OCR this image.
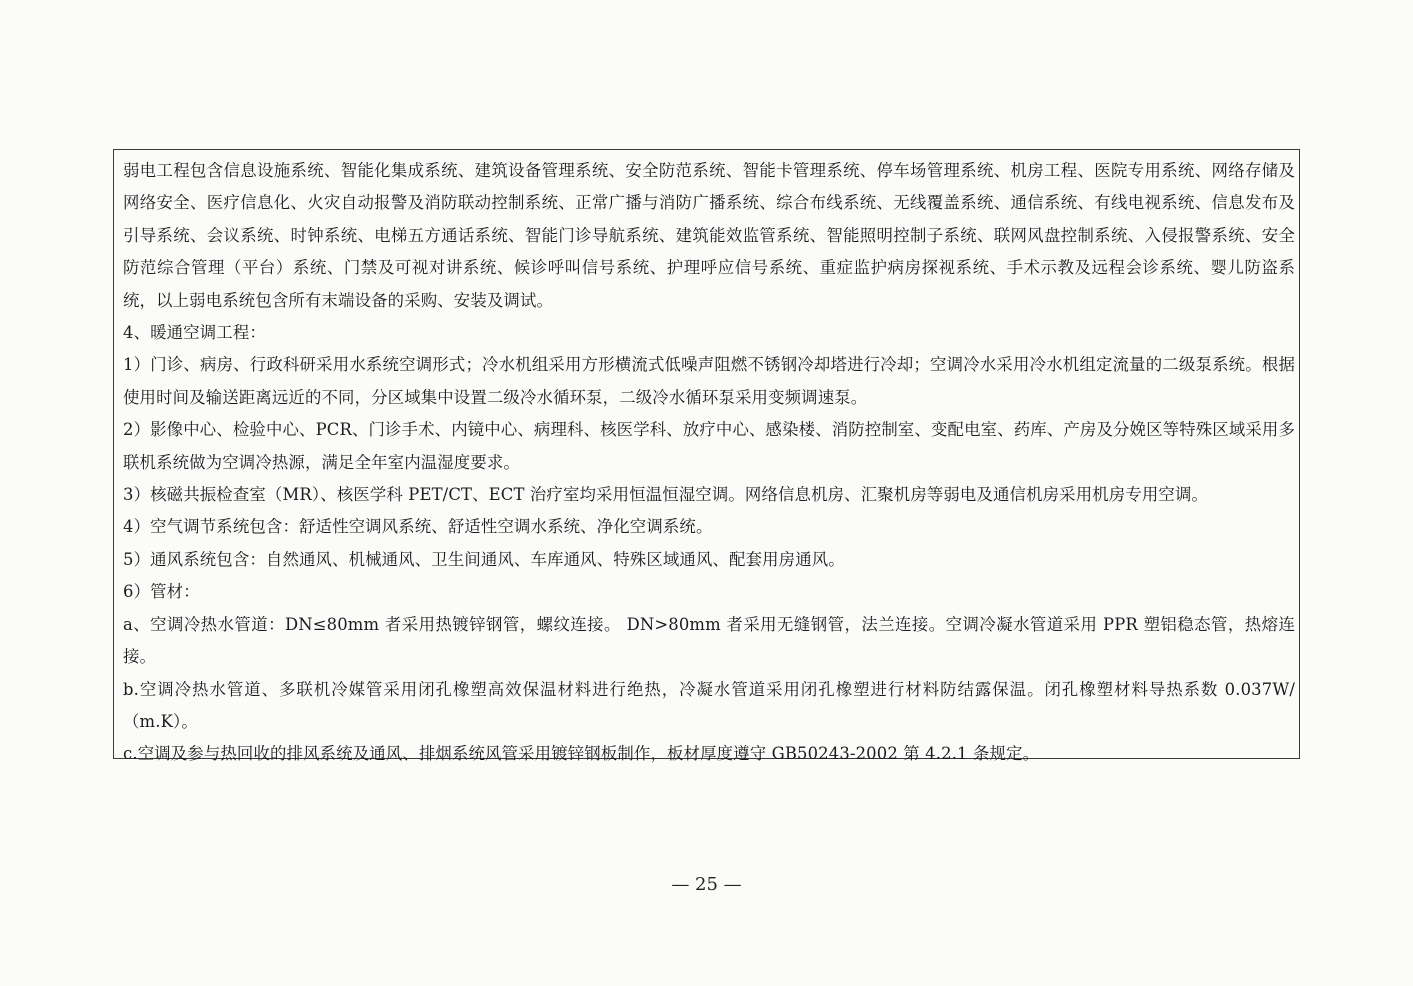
弱电工程包含信息设施系统、智能化集成系统、建筑设备管理系统、安全防范系统、智能卡管理系统、停车场管理系统、机房工程、医院专用系统、网络存储及网络安全、医疗信息化、火灾自动报警及消防联动控制系统、正常广播与消防广播系统、综合布线系统、无线覆盖系统、通信系统、有线电视系统、信息发布及引导系统、会议系统、时钟系统、电梯五方通话系统、智能门诊导航系统、建筑能效监管系统、智能照明控制子系统、联网风盘控制系统、入侵报警系统、安全防范综合管理（平台）系统、门禁及可视对讲系统、候诊呼叫信号系统、护理呼应信号系统、重症监护病房探视系统、手术示教及远程会诊系统、婴儿防盗系统，以上弱电系统包含所有末端设备的采购、安装及调试。

4、暖通空调工程：

1）门诊、病房、行政科研采用水系统空调形式；冷水机组采用方形横流式低噪声阻燃不锈钢冷却塔进行冷却；空调冷水采用冷水机组定流量的二级泵系统。根据使用时间及输送距离远近的不同，分区域集中设置二级冷水循环泵，二级冷水循环泵采用变频调速泵。

2）影像中心、检验中心、PCR、门诊手术、内镜中心、病理科、核医学科、放疗中心、感染楼、消防控制室、变配电室、药库、产房及分娩区等特殊区域采用多联机系统做为空调冷热源，满足全年室内温湿度要求。

3）核磁共振检查室（MR）、核医学科 PET/CT、ECT 治疗室均采用恒温恒湿空调。网络信息机房、汇聚机房等弱电及通信机房采用机房专用空调。

4）空气调节系统包含：舒适性空调风系统、舒适性空调水系统、净化空调系统。

5）通风系统包含：自然通风、机械通风、卫生间通风、车库通风、特殊区域通风、配套用房通风。

6）管材：

a、空调冷热水管道：DN≤80mm 者采用热镀锌钢管，螺纹连接。 DN>80mm 者采用无缝钢管，法兰连接。空调冷凝水管道采用 PPR 塑铝稳态管，热熔连接。

b.空调冷热水管道、多联机冷媒管采用闭孔橡塑高效保温材料进行绝热，冷凝水管道采用闭孔橡塑进行材料防结露保温。闭孔橡塑材料导热系数 0.037W/（m.K）。

c.空调及参与热回收的排风系统及通风、排烟系统风管采用镀锌钢板制作，板材厚度遵守 GB50243-2002 第 4.2.1 条规定。

— 25 —
